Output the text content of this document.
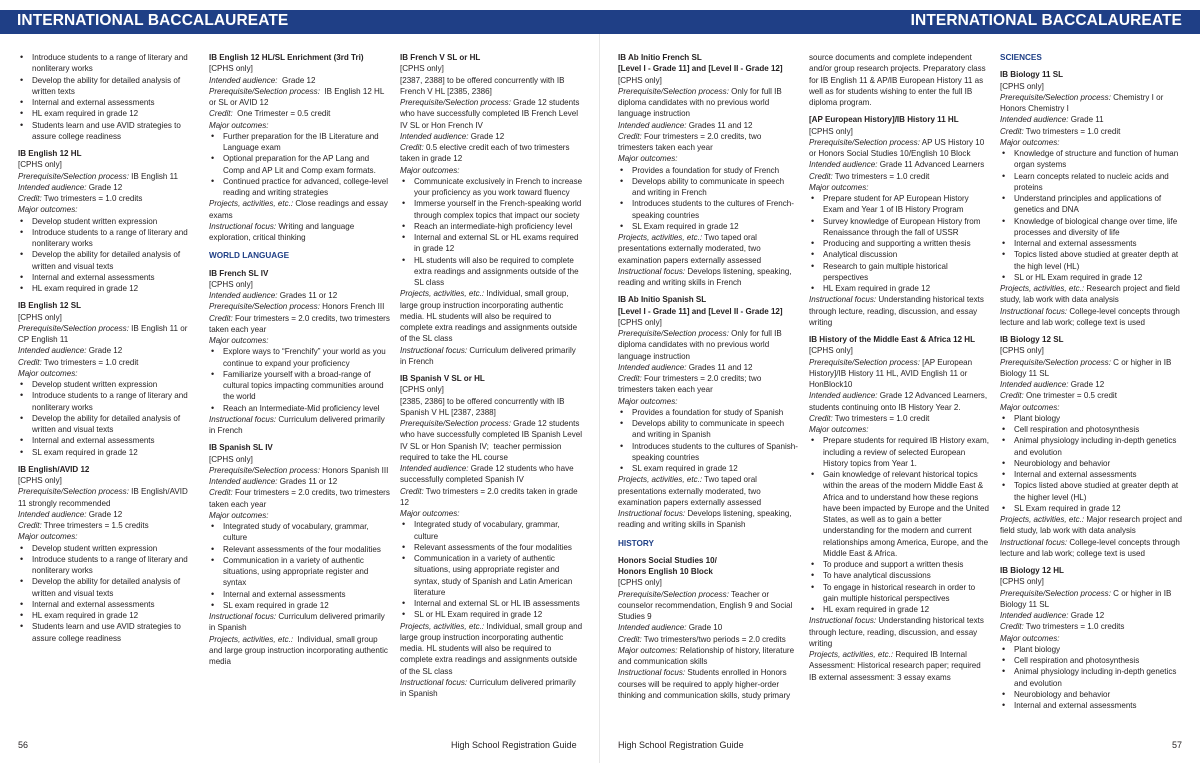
INTERNATIONAL BACCALAUREATE	INTERNATIONAL BACCALAUREATE
• Introduce students to a range of literary and nonliterary works
• Develop the ability for detailed analysis of written texts
• Internal and external assessments
• HL exam required in grade 12
• Students learn and use AVID strategies to assure college readiness
IB English 12 HL
[CPHS only]
Prerequisite/Selection process: IB English 11
Intended audience: Grade 12
Credit: Two trimesters = 1.0 credits
Major outcomes:
• Develop student written expression
• Introduce students to a range of literary and nonliterary works
• Develop the ability for detailed analysis of written and visual texts
• Internal and external assessments
• HL exam required in grade 12
IB English 12 SL
[CPHS only]
Prerequisite/Selection process: IB English 11 or CP English 11
Intended audience: Grade 12
Credit: Two trimesters = 1.0 credit
Major outcomes:
• Develop student written expression
• Introduce students to a range of literary and nonliterary works
• Develop the ability for detailed analysis of written and visual texts
• Internal and external assessments
• SL exam required in grade 12
IB English/AVID 12
[CPHS only]
Prerequisite/Selection process: IB English/AVID 11 strongly recommended
Intended audience: Grade 12
Credit: Three trimesters = 1.5 credits
Major outcomes:
• Develop student written expression
• Introduce students to a range of literary and nonliterary works
• Develop the ability for detailed analysis of written and visual texts
• Internal and external assessments
• HL exam required in grade 12
• Students learn and use AVID strategies to assure college readiness
IB English 12 HL/SL Enrichment (3rd Tri)
[CPHS only]
Intended audience:  Grade 12
Prerequisite/Selection process:  IB English 12 HL or SL or AVID 12
Credit:  One Trimester = 0.5 credit
Major outcomes:
• Further preparation for the IB Literature and Language exam
• Optional preparation for the AP Lang and Comp and AP Lit and Comp exam formats.
• Continued practice for advanced, college-level reading and writing strategies
Projects, activities, etc.: Close readings and essay exams
Instructional focus: Writing and language exploration, critical thinking
WORLD LANGUAGE
IB French SL IV
[CPHS only]
Intended audience: Grades 11 or 12
Prerequisite/Selection process: Honors French III
Credit: Four trimesters = 2.0 credits, two trimesters taken each year
Major outcomes:
• Explore ways to “Frenchify” your world as you continue to expand your proficiency
• Familiarize yourself with a broad-range of cultural topics impacting communities around the world
• Reach an Intermediate-Mid proficiency level
Instructional focus: Curriculum delivered primarily in French
IB Spanish SL IV
[CPHS only]
Prerequisite/Selection process: Honors Spanish III
Intended audience: Grades 11 or 12
Credit: Four trimesters = 2.0 credits, two trimesters taken each year
Major outcomes:
• Integrated study of vocabulary, grammar, culture
• Relevant assessments of the four modalities
• Communication in a variety of authentic situations, using appropriate register and syntax
• Internal and external assessments
• SL exam required in grade 12
Instructional focus: Curriculum delivered primarily in Spanish
Projects, activities, etc.:  Individual, small group and large group instruction incorporating authentic media
IB French V SL or HL
[CPHS only]
[2387, 2388] to be offered concurrently with IB French V HL [2385, 2386]
Prerequisite/Selection process: Grade 12 students who have successfully completed IB French Level IV SL or Hon French IV
Intended audience: Grade 12
Credit: 0.5 elective credit each of two trimesters taken in grade 12
Major outcomes:
• Communicate exclusively in French to increase your proficiency as you work toward fluency
• Immerse yourself in the French-speaking world through complex topics that impact our society
• Reach an intermediate-high proficiency level
• Internal and external SL or HL exams required in grade 12
• HL students will also be required to complete extra readings and assignments outside of the SL class
Projects, activities, etc.: Individual, small group, large group instruction incorporating authentic media. HL students will also be required to complete extra readings and assignments outside of the SL class
Instructional focus: Curriculum delivered primarily in French
IB Spanish V SL or HL
[CPHS only]
[2385, 2386] to be offered concurrently with IB Spanish V HL [2387, 2388]
Prerequisite/Selection process: Grade 12 students who have successfully completed IB Spanish Level IV SL or Hon Spanish IV;  teacher permission required to take the HL course
Intended audience: Grade 12 students who have successfully completed Spanish IV
Credit: Two trimesters = 2.0 credits taken in grade 12
Major outcomes:
• Integrated study of vocabulary, grammar, culture
• Relevant assessments of the four modalities
• Communication in a variety of authentic situations, using appropriate register and syntax, study of Spanish and Latin American literature
• Internal and external SL or HL IB assessments
• SL or HL Exam required in grade 12
Projects, activities, etc.: Individual, small group and large group instruction incorporating authentic media. HL students will also be required to complete extra readings and assignments outside of the SL class
Instructional focus: Curriculum delivered primarily in Spanish
IB Ab Initio French SL
[Level I - Grade 11] and [Level II - Grade 12]
[CPHS only]
Prerequisite/Selection process: Only for full IB diploma candidates with no previous world language instruction
Intended audience: Grades 11 and 12
Credit: Four trimesters = 2.0 credits, two trimesters taken each year
Major outcomes:
• Provides a foundation for study of French
• Develops ability to communicate in speech and writing in French
• Introduces students to the cultures of French-speaking countries
• SL Exam required in grade 12
Projects, activities, etc.: Two taped oral presentations externally moderated, two examination papers externally assessed
Instructional focus: Develops listening, speaking, reading and writing skills in French
IB Ab Initio Spanish SL
[Level I - Grade 11] and [Level II - Grade 12]
[CPHS only]
Prerequisite/Selection process: Only for full IB diploma candidates with no previous world language instruction
Intended audience: Grades 11 and 12
Credit: Four trimesters = 2.0 credits; two trimesters taken each year
Major outcomes:
• Provides a foundation for study of Spanish
• Develops ability to communicate in speech and writing in Spanish
• Introduces students to the cultures of Spanish-speaking countries
• SL exam required in grade 12
Projects, activities, etc.: Two taped oral presentations externally moderated, two examination papers externally assessed
Instructional focus: Develops listening, speaking, reading and writing skills in Spanish
HISTORY
Honors Social Studies 10/
Honors English 10 Block
[CPHS only]
Prerequisite/Selection process: Teacher or counselor recommendation, English 9 and Social Studies 9
Intended audience: Grade 10
Credit: Two trimesters/two periods = 2.0 credits
Major outcomes: Relationship of history, literature and communication skills
Instructional focus: Students enrolled in Honors courses will be required to apply higher-order thinking and communication skills, study primary
source documents and complete independent and/or group research projects. Preparatory class for IB English 11 & AP/IB European History 11 as well as for students wishing to enter the full IB diploma program.
[AP European History]/IB History 11 HL
[CPHS only]
Prerequisite/Selection process: AP US History 10 or Honors Social Studies 10/English 10 Block
Intended audience: Grade 11 Advanced Learners
Credit: Two trimesters = 1.0 credit
Major outcomes:
• Prepare student for AP European History Exam and Year 1 of IB History Program
• Survey knowledge of European History from Renaissance through the fall of USSR
• Producing and supporting a written thesis
• Analytical discussion
• Research to gain multiple historical perspectives
• HL Exam required in grade 12
Instructional focus: Understanding historical texts through lecture, reading, discussion, and essay writing
IB History of the Middle East & Africa 12 HL
[CPHS only]
Prerequisite/Selection process: [AP European History]/IB History 11 HL, AVID English 11 or HonBlock10
Intended audience: Grade 12 Advanced Learners, students continuing onto IB History Year 2.
Credit: Two trimesters = 1.0 credit
Major outcomes:
• Prepare students for required IB History exam, including a review of selected European History topics from Year 1.
• Gain knowledge of relevant historical topics within the areas of the modern Middle East & Africa and to understand how these regions have been impacted by Europe and the United States, as well as to gain a better understanding for the modern and current relationships among America, Europe, and the Middle East & Africa.
• To produce and support a written thesis
• To have analytical discussions
• To engage in historical research in order to gain multiple historical perspectives
• HL exam required in grade 12
Instructional focus: Understanding historical texts through lecture, reading, discussion, and essay writing
Projects, activities, etc.: Required IB Internal Assessment: Historical research paper; required IB external assessment: 3 essay exams
SCIENCES
IB Biology 11 SL
[CPHS only]
Prerequisite/Selection process: Chemistry I or Honors Chemistry I
Intended audience: Grade 11
Credit: Two trimesters = 1.0 credit
Major outcomes:
• Knowledge of structure and function of human organ systems
• Learn concepts related to nucleic acids and proteins
• Understand principles and applications of genetics and DNA
• Knowledge of biological change over time, life processes and diversity of life
• Internal and external assessments
• Topics listed above studied at greater depth at the high level (HL)
• SL or HL Exam required in grade 12
Projects, activities, etc.: Research project and field study, lab work with data analysis
Instructional focus: College-level concepts through lecture and lab work; college text is used
IB Biology 12 SL
[CPHS only]
Prerequisite/Selection process: C or higher in IB Biology 11 SL
Intended audience: Grade 12
Credit: One trimester = 0.5 credit
Major outcomes:
• Plant biology
• Cell respiration and photosynthesis
• Animal physiology including in-depth genetics and evolution
• Neurobiology and behavior
• Internal and external assessments
• Topics listed above studied at greater depth at the higher level (HL)
• SL Exam required in grade 12
Projects, activities, etc.: Major research project and field study, lab work with data analysis
Instructional focus: College-level concepts through lecture and lab work; college text is used
IB Biology 12 HL
[CPHS only]
Prerequisite/Selection process: C or higher in IB Biology 11 SL
Intended audience: Grade 12
Credit: Two trimesters = 1.0 credits
Major outcomes:
• Plant biology
• Cell respiration and photosynthesis
• Animal physiology including in-depth genetics and evolution
• Neurobiology and behavior
• Internal and external assessments
56	High School Registration Guide	High School Registration Guide	57
